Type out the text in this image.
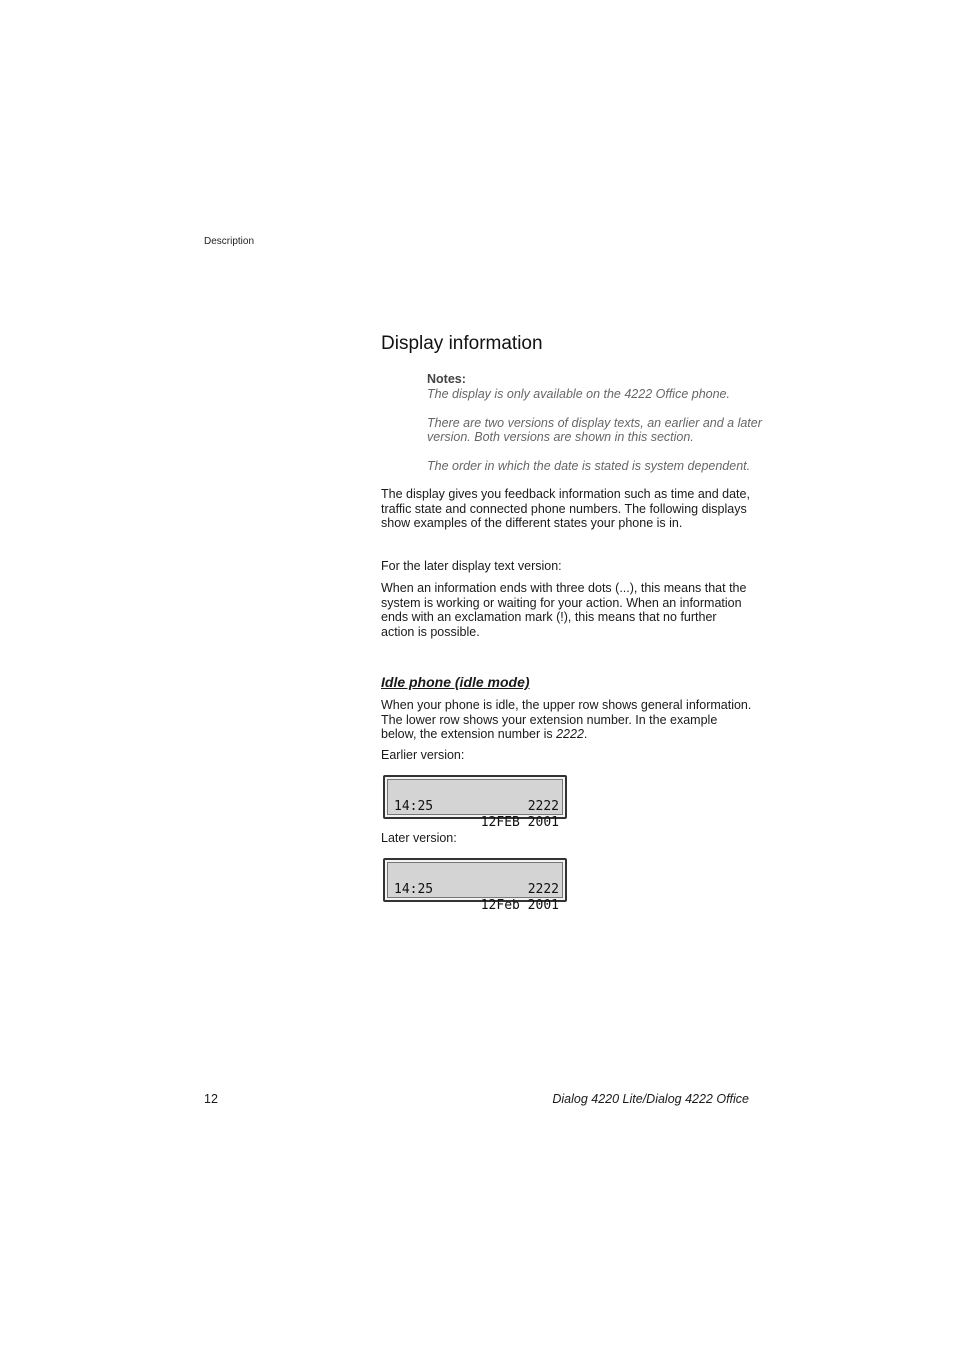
Description
Display information
Notes:

The display is only available on the 4222 Office phone.

There are two versions of display texts, an earlier and a later version. Both versions are shown in this section.

The order in which the date is stated is system dependent.

The display gives you feedback information such as time and date, traffic state and connected phone numbers. The following displays show examples of the different states your phone is in.

For the later display text version:

When an information ends with three dots (...), this means that the system is working or waiting for your action. When an information ends with an exclamation mark (!), this means that no further action is possible.

Idle phone (idle mode)

When your phone is idle, the upper row shows general information. The lower row shows your extension number. In the example below, the extension number is 2222.

Earlier version:

14:25

12FEB 2001

2222

Later version:

14:25

12Feb 2001

2222
12	Dialog 4220 Lite/Dialog 4222 Office
